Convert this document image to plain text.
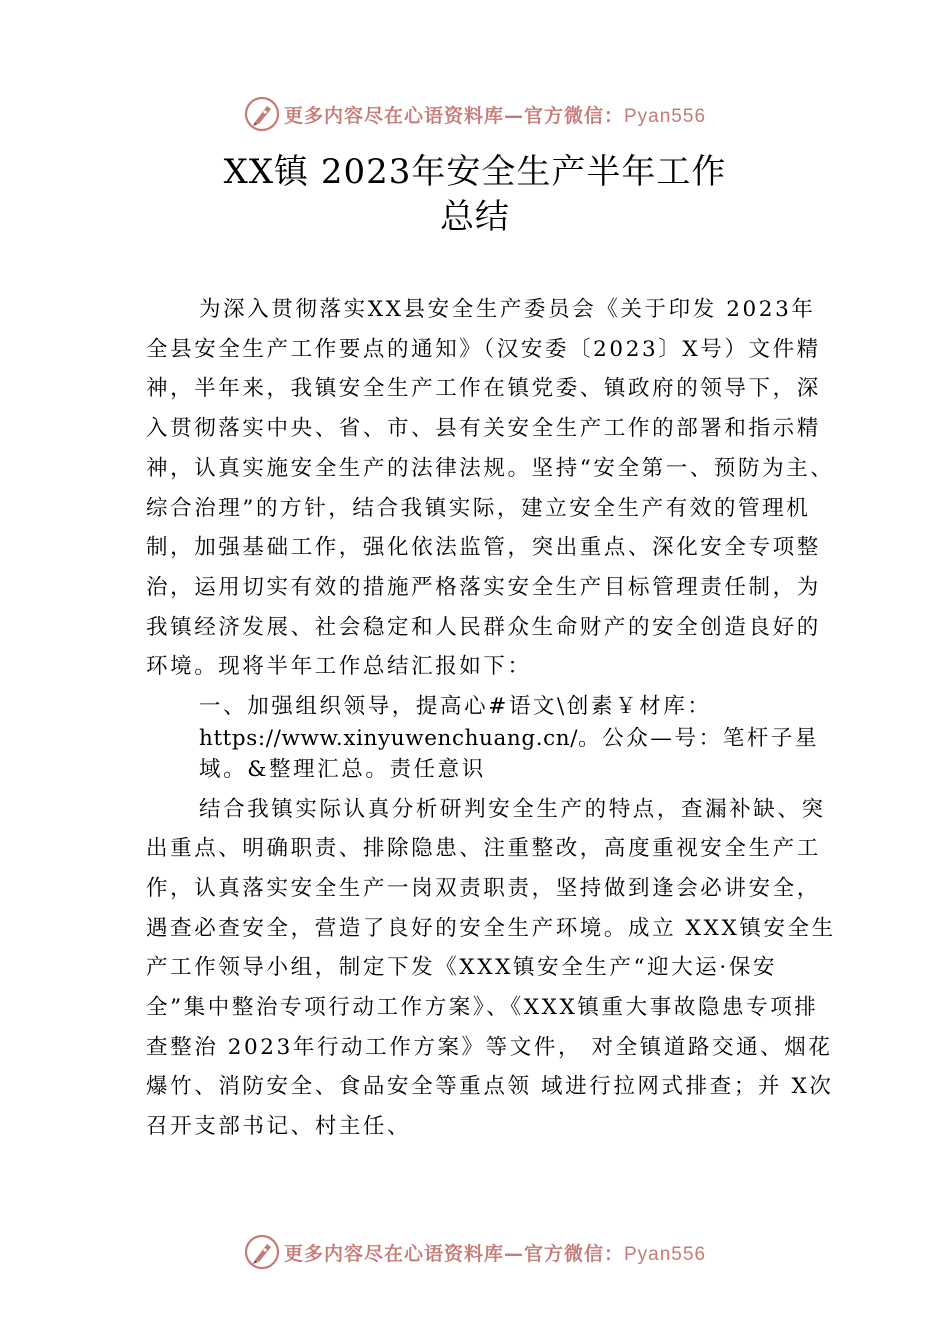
更多内容尽在心语资料库—官方微信：Pyan556
XX镇 2023年安全生产半年工作
总结

为深入贯彻落实XX县安全生产委员会《关于印发 2023年全县安全生产工作要点的通知》（汉安委〔2023〕X号）文件精神，半年来，我镇安全生产工作在镇党委、镇政府的领导下，深入贯彻落实中央、省、市、县有关安全生产工作的部署和指示精神，认真实施安全生产的法律法规。坚持“安全第一、预防为主、综合治理”的方针，结合我镇实际，建立安全生产有效的管理机制，加强基础工作，强化依法监管，突出重点、深化安全专项整治，运用切实有效的措施严格落实安全生产目标管理责任制，为我镇经济发展、社会稳定和人民群众生命财产的安全创造良好的环境。现将半年工作总结汇报如下：

一、加强组织领导，提高心#语文\创素￥材库：https://www.xinyuwenchuang.cn/。公众—号：笔杆子星域。&整理汇总。责任意识

结合我镇实际认真分析研判安全生产的特点，查漏补缺、突出重点、明确职责、排除隐患、注重整改，高度重视安全生产工作，认真落实安全生产一岗双责职责，坚持做到逢会必讲安全，遇查必查安全，营造了良好的安全生产环境。成立 XXX镇安全生产工作领导小组，制定下发《XXX镇安全生产“迎大运·保安全”集中整治专项行动工作方案》、《XXX镇重大事故隐患专项排查整治 2023年行动工作方案》等文件， 对全镇道路交通、烟花爆竹、消防安全、食品安全等重点领 域进行拉网式排查；并 X次召开支部书记、村主任、

更多内容尽在心语资料库—官方微信：Pyan556
